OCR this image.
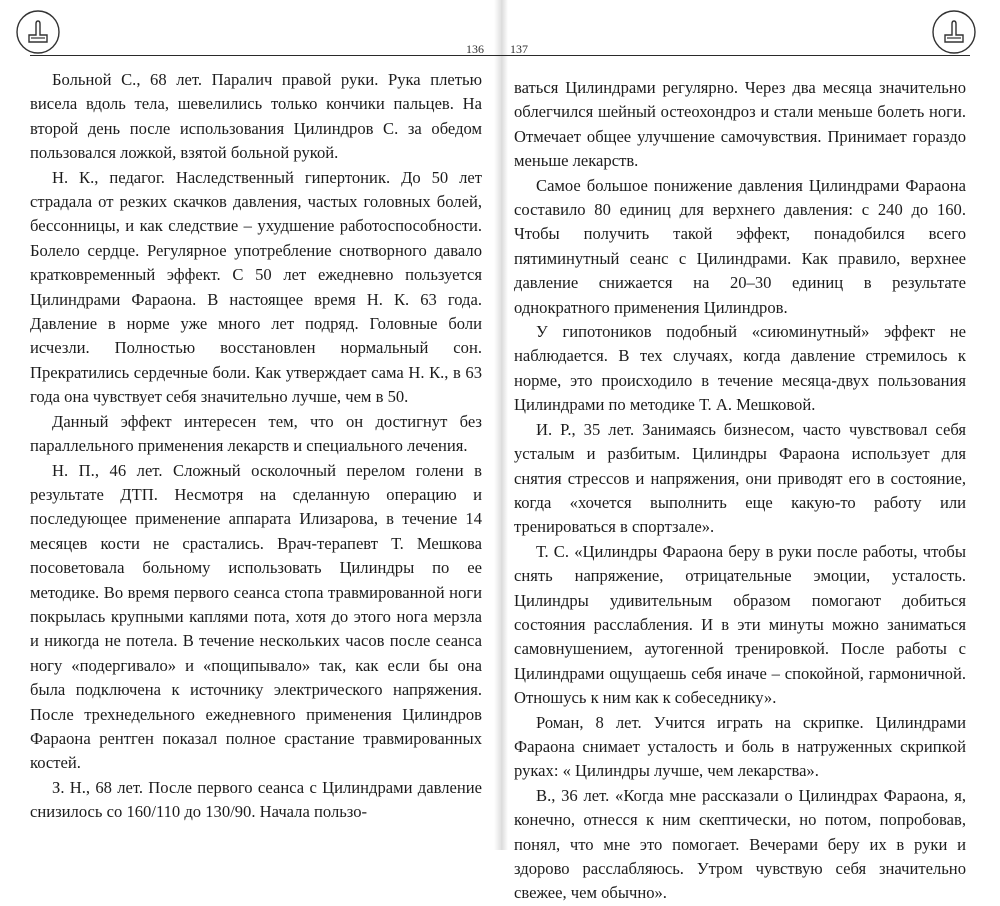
136

Больной С., 68 лет. Паралич правой руки. Рука плетью висела вдоль тела, шевелились только кончики пальцев. На второй день после использования Цилиндров С. за обедом пользовался ложкой, взятой больной рукой.

Н. К., педагог. Наследственный гипертоник. До 50 лет страдала от резких скачков давления, частых головных болей, бессонницы, и как следствие – ухудшение работоспособности. Болело сердце. Регулярное употребление снотворного давало кратковременный эффект. С 50 лет ежедневно пользуется Цилиндрами Фараона. В настоящее время Н. К. 63 года. Давление в норме уже много лет подряд. Головные боли исчезли. Полностью восстановлен нормальный сон. Прекратились сердечные боли. Как утверждает сама Н. К., в 63 года она чувствует себя значительно лучше, чем в 50.

Данный эффект интересен тем, что он достигнут без параллельного применения лекарств и специального лечения.

Н. П., 46 лет. Сложный осколочный перелом голени в результате ДТП. Несмотря на сделанную операцию и последующее применение аппарата Илизарова, в течение 14 месяцев кости не срастались. Врач-терапевт Т. Мешкова посоветовала больному использовать Цилиндры по ее методике. Во время первого сеанса стопа травмированной ноги покрылась крупными каплями пота, хотя до этого нога мерзла и никогда не потела. В течение нескольких часов после сеанса ногу «подергивало» и «пощипывало» так, как если бы она была подключена к источнику электрического напряжения. После трехнедельного ежедневного применения Цилиндров Фараона рентген показал полное срастание травмированных костей.

З. Н., 68 лет. После первого сеанса с Цилиндрами давление снизилось со 160/110 до 130/90. Начала пользо-

137

ваться Цилиндрами регулярно. Через два месяца значительно облегчился шейный остеохондроз и стали меньше болеть ноги. Отмечает общее улучшение самочувствия. Принимает гораздо меньше лекарств.

Самое большое понижение давления Цилиндрами Фараона составило 80 единиц для верхнего давления: с 240 до 160. Чтобы получить такой эффект, понадобился всего пятиминутный сеанс с Цилиндрами. Как правило, верхнее давление снижается на 20–30 единиц в результате однократного применения Цилиндров.

У гипотоников подобный «сиюминутный» эффект не наблюдается. В тех случаях, когда давление стремилось к норме, это происходило в течение месяца-двух пользования Цилиндрами по методике Т. А. Мешковой.

И. Р., 35 лет. Занимаясь бизнесом, часто чувствовал себя усталым и разбитым. Цилиндры Фараона использует для снятия стрессов и напряжения, они приводят его в состояние, когда «хочется выполнить еще какую-то работу или тренироваться в спортзале».

Т. С. «Цилиндры Фараона беру в руки после работы, чтобы снять напряжение, отрицательные эмоции, усталость. Цилиндры удивительным образом помогают добиться состояния расслабления. И в эти минуты можно заниматься самовнушением, аутогенной тренировкой. После работы с Цилиндрами ощущаешь себя иначе – спокойной, гармоничной. Отношусь к ним как к собеседнику».

Роман, 8 лет. Учится играть на скрипке. Цилиндрами Фараона снимает усталость и боль в натруженных скрипкой руках: « Цилиндры лучше, чем лекарства».

В., 36 лет. «Когда мне рассказали о Цилиндрах Фараона, я, конечно, отнесся к ним скептически, но потом, попробовав, понял, что мне это помогает. Вечерами беру их в руки и здорово расслабляюсь. Утром чувствую себя значительно свежее, чем обычно».
